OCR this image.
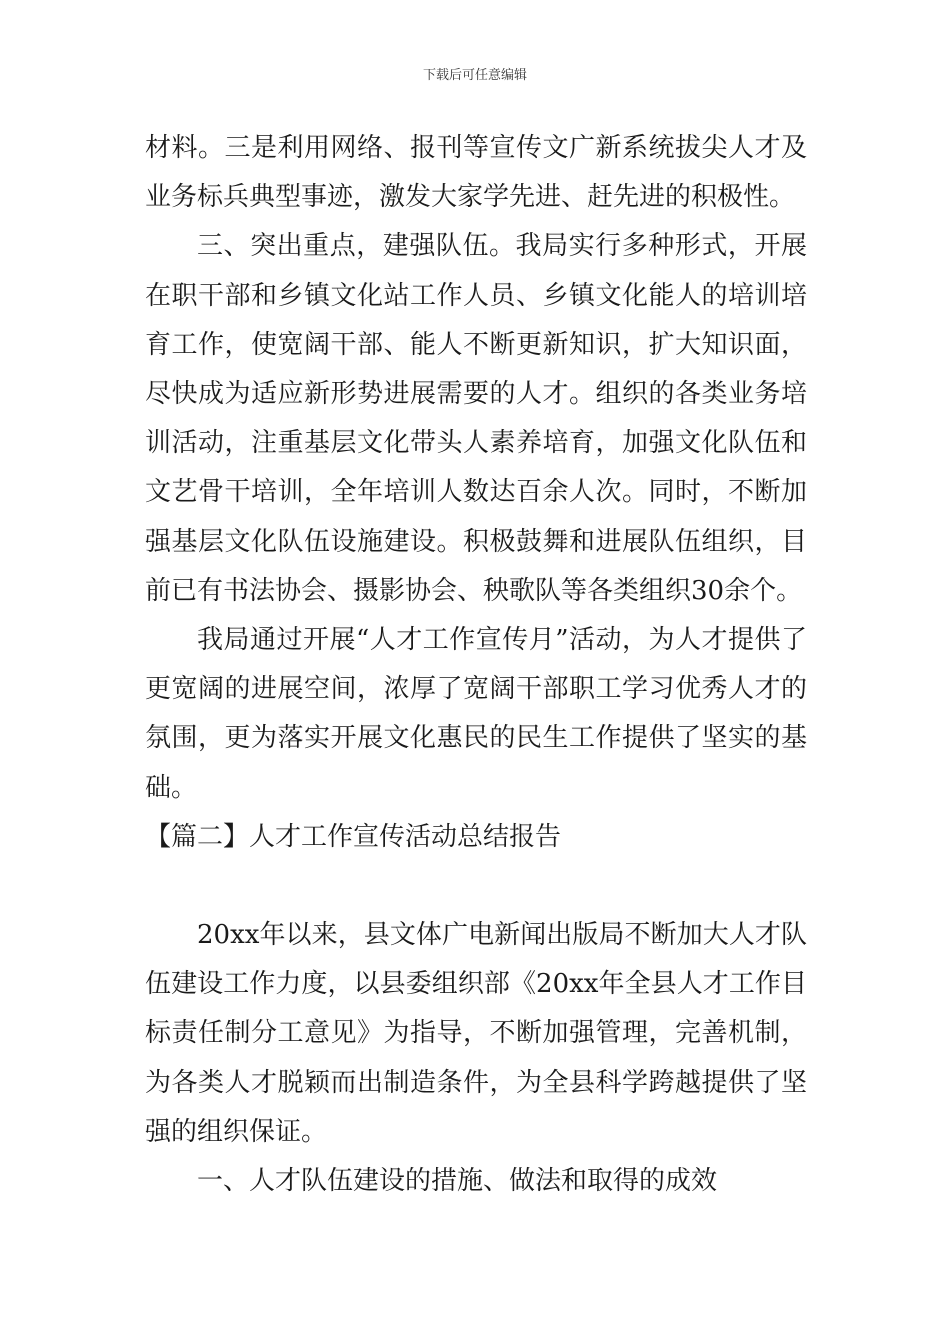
下载后可任意编辑

材料。三是利用网络、报刊等宣传文广新系统拔尖人才及业务标兵典型事迹，激发大家学先进、赶先进的积极性。

三、突出重点，建强队伍。我局实行多种形式，开展在职干部和乡镇文化站工作人员、乡镇文化能人的培训培育工作，使宽阔干部、能人不断更新知识，扩大知识面，尽快成为适应新形势进展需要的人才。组织的各类业务培训活动，注重基层文化带头人素养培育，加强文化队伍和文艺骨干培训，全年培训人数达百余人次。同时，不断加强基层文化队伍设施建设。积极鼓舞和进展队伍组织，目前已有书法协会、摄影协会、秧歌队等各类组织30余个。

我局通过开展“人才工作宣传月”活动，为人才提供了更宽阔的进展空间，浓厚了宽阔干部职工学习优秀人才的氛围，更为落实开展文化惠民的民生工作提供了坚实的基础。

【篇二】人才工作宣传活动总结报告

20xx年以来，县文体广电新闻出版局不断加大人才队伍建设工作力度，以县委组织部《20xx年全县人才工作目标责任制分工意见》为指导，不断加强管理，完善机制，为各类人才脱颖而出制造条件，为全县科学跨越提供了坚强的组织保证。

一、人才队伍建设的措施、做法和取得的成效
